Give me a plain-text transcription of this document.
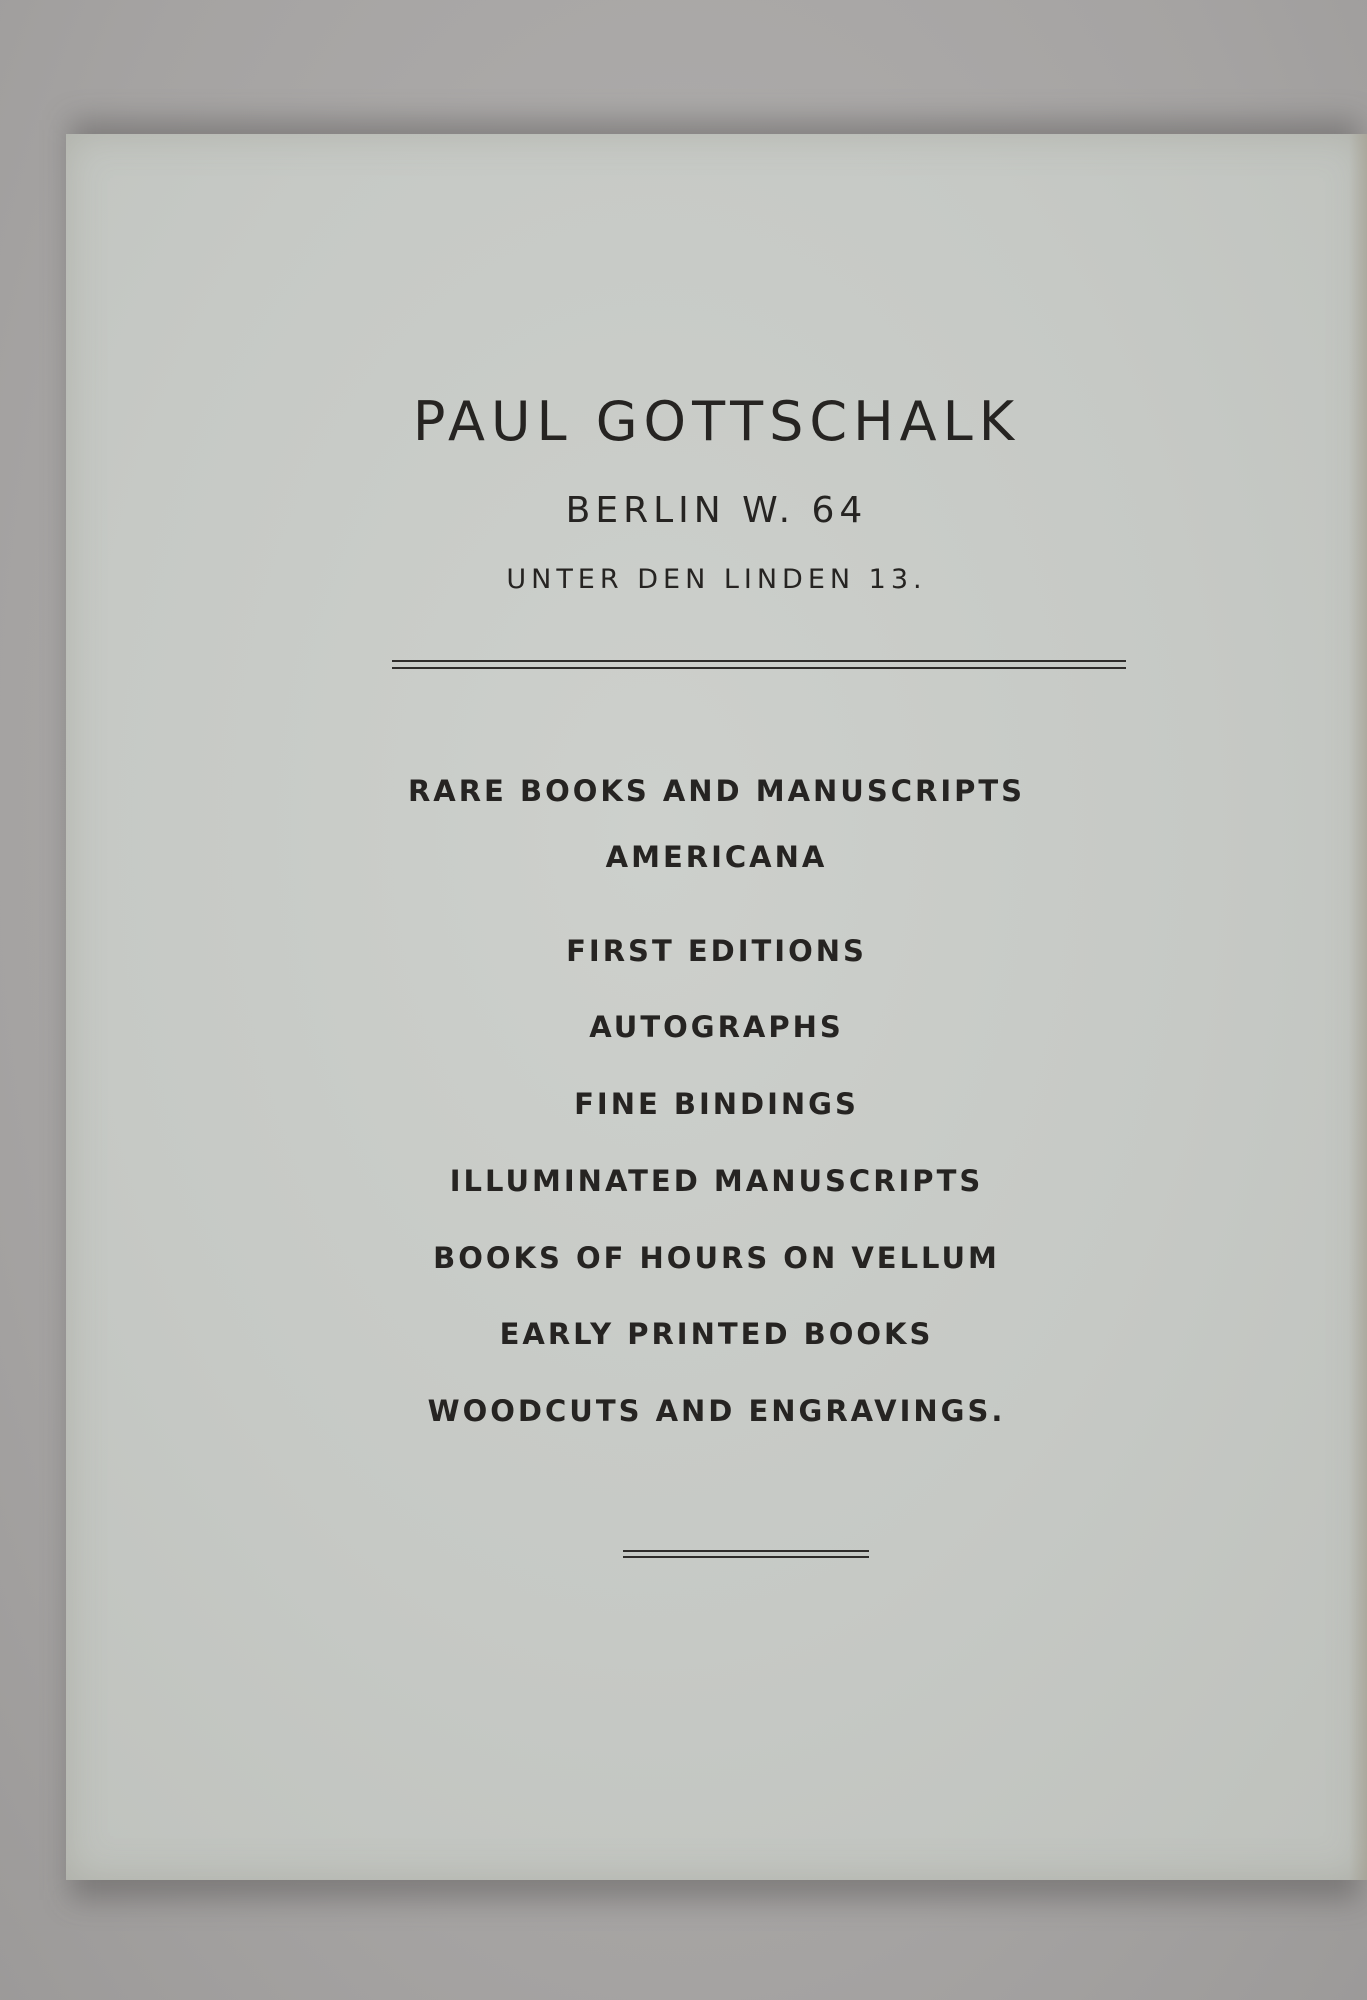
PAUL GOTTSCHALK
BERLIN W. 64
UNTER DEN LINDEN 13.
RARE BOOKS AND MANUSCRIPTS
AMERICANA
FIRST EDITIONS
AUTOGRAPHS
FINE BINDINGS
ILLUMINATED MANUSCRIPTS
BOOKS OF HOURS ON VELLUM
EARLY PRINTED BOOKS
WOODCUTS AND ENGRAVINGS.
